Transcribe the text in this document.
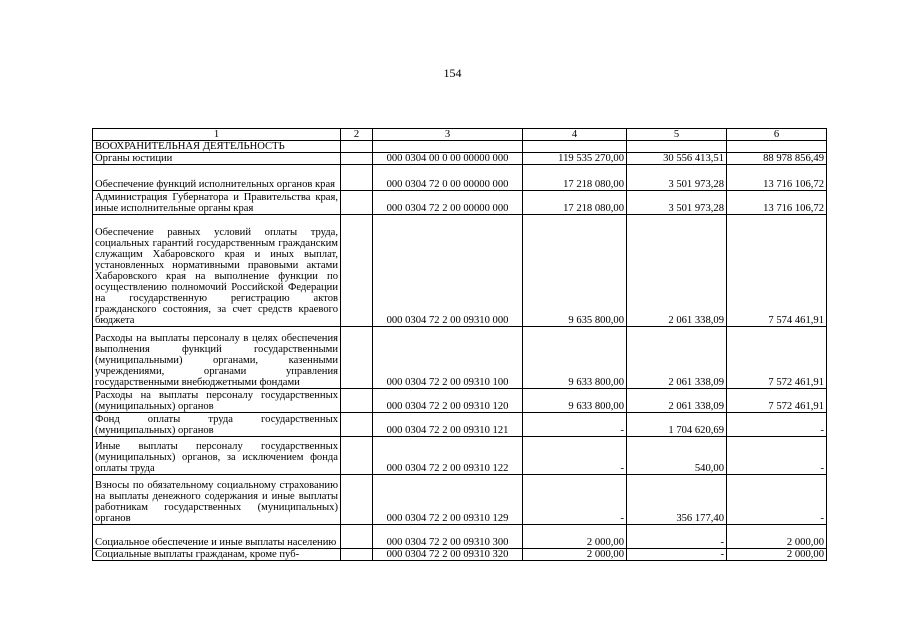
154
1	2	3	4	5	6
ВООХРАНИТЕЛЬНАЯ ДЕЯТЕЛЬНОСТЬ					
Органы юстиции		000 0304 00 0 00 00000 000	119 535 270,00	30 556 413,51	88 978 856,49
Обеспечение функций исполнительных органов края		000 0304 72 0 00 00000 000	17 218 080,00	3 501 973,28	13 716 106,72
Администрация Губернатора и Правительства края, иные исполнительные органы края		000 0304 72 2 00 00000 000	17 218 080,00	3 501 973,28	13 716 106,72
Обеспечение равных условий оплаты труда, социальных гарантий государственным гражданским служащим Хабаровского края и иных выплат, установленных нормативными правовыми актами Хабаровского края на выполнение функции по осуществлению полномочий Российской Федерации на государственную регистрацию актов гражданского состояния, за счет средств краевого бюджета		000 0304 72 2 00 09310 000	9 635 800,00	2 061 338,09	7 574 461,91
Расходы на выплаты персоналу в целях обеспечения выполнения функций государственными (муниципальными) органами, казенными учреждениями, органами управления государственными внебюджетными фондами		000 0304 72 2 00 09310 100	9 633 800,00	2 061 338,09	7 572 461,91
Расходы на выплаты персоналу государственных (муниципальных) органов		000 0304 72 2 00 09310 120	9 633 800,00	2 061 338,09	7 572 461,91
Фонд оплаты труда государственных (муниципальных) органов		000 0304 72 2 00 09310 121	-	1 704 620,69	-
Иные выплаты персоналу государственных (муниципальных) органов, за исключением фонда оплаты труда		000 0304 72 2 00 09310 122	-	540,00	-
Взносы по обязательному социальному страхованию на выплаты денежного содержания и иные выплаты работникам государственных (муниципальных) органов		000 0304 72 2 00 09310 129	-	356 177,40	-
Социальное обеспечение и иные выплаты населению		000 0304 72 2 00 09310 300	2 000,00	-	2 000,00
Социальные выплаты гражданам, кроме пуб-		000 0304 72 2 00 09310 320	2 000,00	-	2 000,00
